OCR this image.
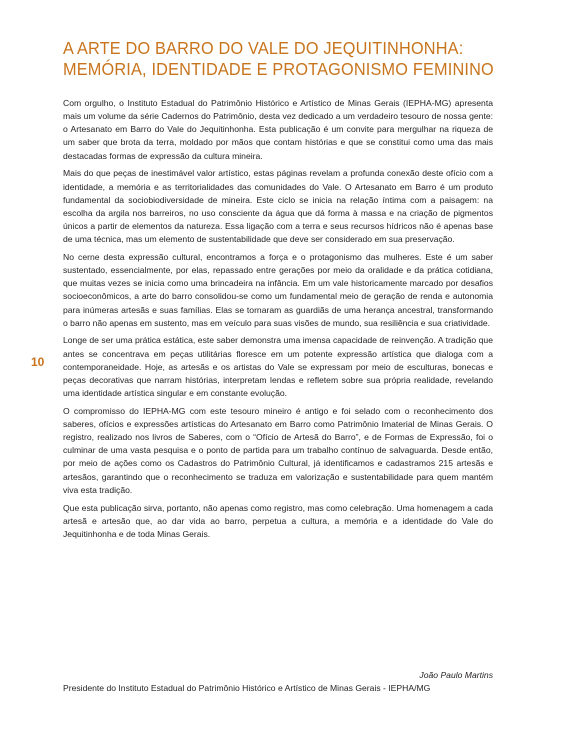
A ARTE DO BARRO DO VALE DO JEQUITINHONHA:
MEMÓRIA, IDENTIDADE E PROTAGONISMO FEMININO
10

Com orgulho, o Instituto Estadual do Patrimônio Histórico e Artístico de Minas Gerais (IEPHA-MG) apresenta mais um volume da série Cadernos do Patrimônio, desta vez dedicado a um verdadeiro tesouro de nossa gente: o Artesanato em Barro do Vale do Jequitinhonha. Esta publicação é um convite para mergulhar na riqueza de um saber que brota da terra, moldado por mãos que contam histórias e que se constitui como uma das mais destacadas formas de expressão da cultura mineira.

Mais do que peças de inestimável valor artístico, estas páginas revelam a profunda conexão deste ofício com a identidade, a memória e as territorialidades das comunidades do Vale. O Artesanato em Barro é um produto fundamental da sociobiodiversidade de mineira. Este ciclo se inicia na relação íntima com a paisagem: na escolha da argila nos barreiros, no uso consciente da água que dá forma à massa e na criação de pigmentos únicos a partir de elementos da natureza. Essa ligação com a terra e seus recursos hídricos não é apenas base de uma técnica, mas um elemento de sustentabilidade que deve ser considerado em sua preservação.

No cerne desta expressão cultural, encontramos a força e o protagonismo das mulheres. Este é um saber sustentado, essencialmente, por elas, repassado entre gerações por meio da oralidade e da prática cotidiana, que muitas vezes se inicia como uma brincadeira na infância. Em um vale historicamente marcado por desafios socioeconômicos, a arte do barro consolidou-se como um fundamental meio de geração de renda e autonomia para inúmeras artesãs e suas famílias. Elas se tornaram as guardiãs de uma herança ancestral, transformando o barro não apenas em sustento, mas em veículo para suas visões de mundo, sua resiliência e sua criatividade.

Longe de ser uma prática estática, este saber demonstra uma imensa capacidade de reinvenção. A tradição que antes se concentrava em peças utilitárias floresce em um potente expressão artística que dialoga com a contemporaneidade. Hoje, as artesãs e os artistas do Vale se expressam por meio de esculturas, bonecas e peças decorativas que narram histórias, interpretam lendas e refletem sobre sua própria realidade, revelando uma identidade artística singular e em constante evolução.

O compromisso do IEPHA-MG com este tesouro mineiro é antigo e foi selado com o reconhecimento dos saberes, ofícios e expressões artísticas do Artesanato em Barro como Patrimônio Imaterial de Minas Gerais. O registro, realizado nos livros de Saberes, com o “Ofício de Artesã do Barro”, e de Formas de Expressão, foi o culminar de uma vasta pesquisa e o ponto de partida para um trabalho contínuo de salvaguarda. Desde então, por meio de ações como os Cadastros do Patrimônio Cultural, já identificamos e cadastramos 215 artesãs e artesãos, garantindo que o reconhecimento se traduza em valorização e sustentabilidade para quem mantém viva esta tradição.

Que esta publicação sirva, portanto, não apenas como registro, mas como celebração. Uma homenagem a cada artesã e artesão que, ao dar vida ao barro, perpetua a cultura, a memória e a identidade do Vale do Jequitinhonha e de toda Minas Gerais.

João Paulo Martins
Presidente do Instituto Estadual do Patrimônio Histórico e Artístico de Minas Gerais - IEPHA/MG
